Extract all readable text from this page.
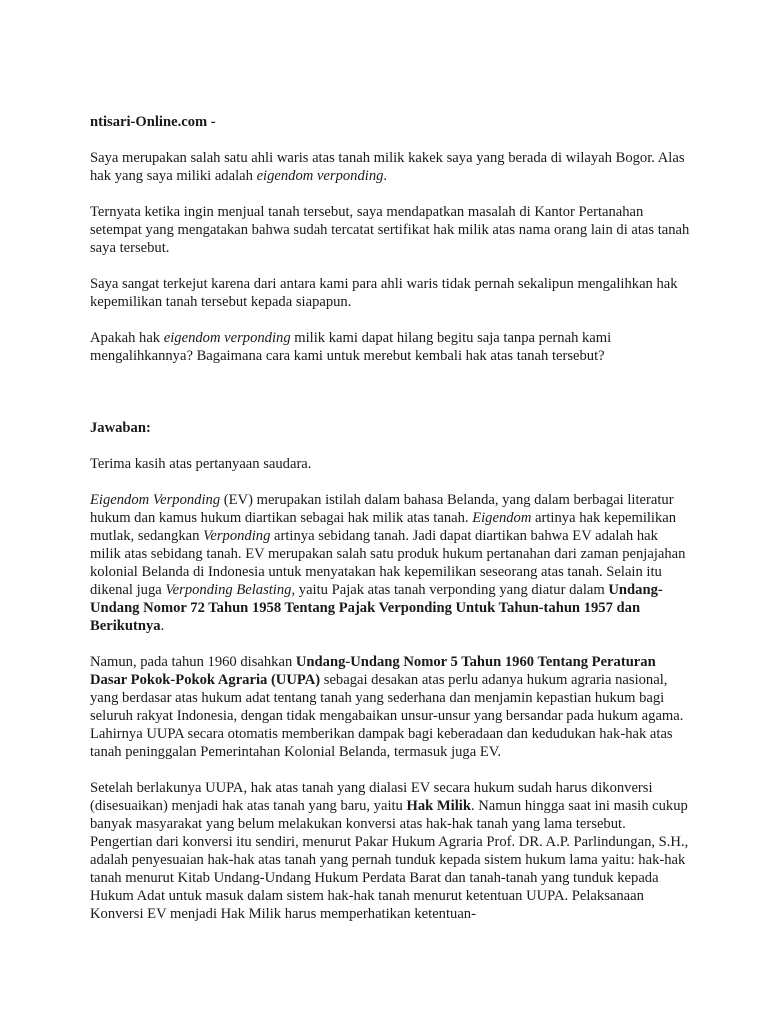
ntisari-Online.com -

Saya merupakan salah satu ahli waris atas tanah milik kakek saya yang berada di wilayah Bogor. Alas hak yang saya miliki adalah eigendom verponding.

Ternyata ketika ingin menjual tanah tersebut, saya mendapatkan masalah di Kantor Pertanahan setempat yang mengatakan bahwa sudah tercatat sertifikat hak milik atas nama orang lain di atas tanah saya tersebut.

Saya sangat terkejut karena dari antara kami para ahli waris tidak pernah sekalipun mengalihkan hak kepemilikan tanah tersebut kepada siapapun.

Apakah hak eigendom verponding milik kami dapat hilang begitu saja tanpa pernah kami mengalihkannya? Bagaimana cara kami untuk merebut kembali hak atas tanah tersebut?

Jawaban:

Terima kasih atas pertanyaan saudara.

Eigendom Verponding (EV) merupakan istilah dalam bahasa Belanda, yang dalam berbagai literatur hukum dan kamus hukum diartikan sebagai hak milik atas tanah. Eigendom artinya hak kepemilikan mutlak, sedangkan Verponding artinya sebidang tanah. Jadi dapat diartikan bahwa EV adalah hak milik atas sebidang tanah. EV merupakan salah satu produk hukum pertanahan dari zaman penjajahan kolonial Belanda di Indonesia untuk menyatakan hak kepemilikan seseorang atas tanah. Selain itu dikenal juga Verponding Belasting, yaitu Pajak atas tanah verponding yang diatur dalam Undang-Undang Nomor 72 Tahun 1958 Tentang Pajak Verponding Untuk Tahun-tahun 1957 dan Berikutnya.

Namun, pada tahun 1960 disahkan Undang-Undang Nomor 5 Tahun 1960 Tentang Peraturan Dasar Pokok-Pokok Agraria (UUPA) sebagai desakan atas perlu adanya hukum agraria nasional, yang berdasar atas hukum adat tentang tanah yang sederhana dan menjamin kepastian hukum bagi seluruh rakyat Indonesia, dengan tidak mengabaikan unsur-unsur yang bersandar pada hukum agama. Lahirnya UUPA secara otomatis memberikan dampak bagi keberadaan dan kedudukan hak-hak atas tanah peninggalan Pemerintahan Kolonial Belanda, termasuk juga EV.

Setelah berlakunya UUPA, hak atas tanah yang dialasi EV secara hukum sudah harus dikonversi (disesuaikan) menjadi hak atas tanah yang baru, yaitu Hak Milik. Namun hingga saat ini masih cukup banyak masyarakat yang belum melakukan konversi atas hak-hak tanah yang lama tersebut. Pengertian dari konversi itu sendiri, menurut Pakar Hukum Agraria Prof. DR. A.P. Parlindungan, S.H., adalah penyesuaian hak-hak atas tanah yang pernah tunduk kepada sistem hukum lama yaitu: hak-hak tanah menurut Kitab Undang-Undang Hukum Perdata Barat dan tanah-tanah yang tunduk kepada Hukum Adat untuk masuk dalam sistem hak-hak tanah menurut ketentuan UUPA. Pelaksanaan Konversi EV menjadi Hak Milik harus memperhatikan ketentuan-
